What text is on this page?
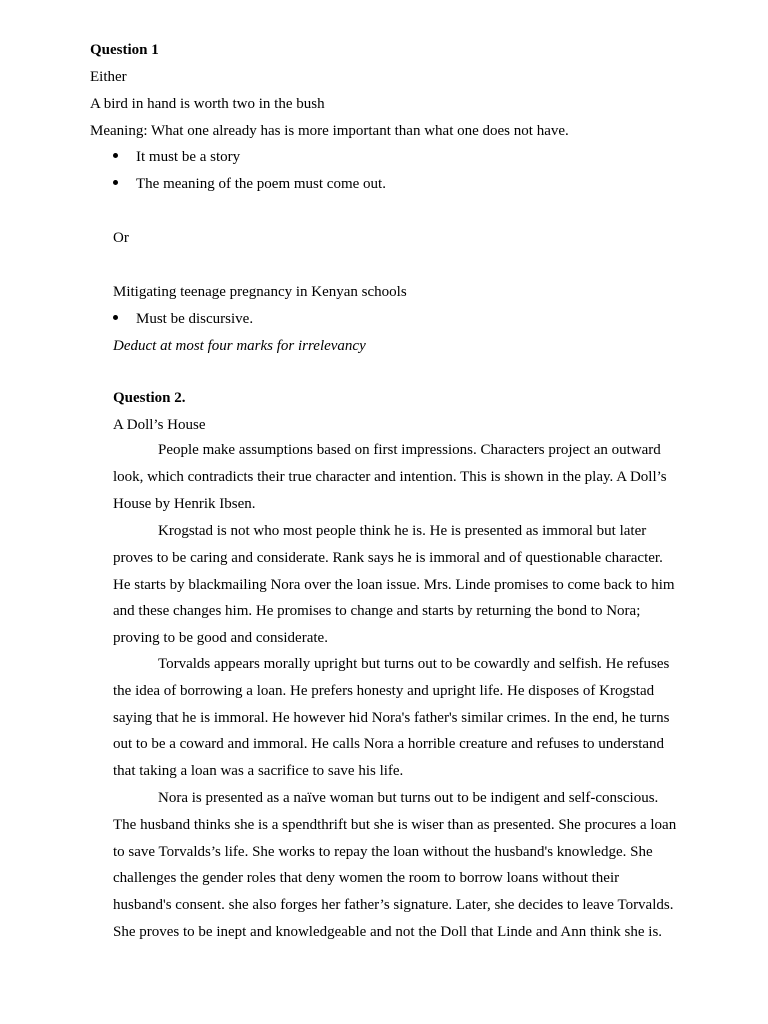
Question 1
Either
A bird in hand is worth two in the bush
Meaning: What one already has is more important than what one does not have.
It must be a story
The meaning of the poem must come out.
Or
Mitigating teenage pregnancy in Kenyan schools
Must be discursive.
Deduct at most four marks for irrelevancy
Question 2.
A Doll’s House
People make assumptions based on first impressions. Characters project an outward look, which contradicts their true character and intention. This is shown in the play. A Doll’s House by Henrik Ibsen.
Krogstad is not who most people think he is. He is presented as immoral but later proves to be caring and considerate. Rank says he is immoral and of questionable character. He starts by blackmailing Nora over the loan issue. Mrs. Linde promises to come back to him and these changes him. He promises to change and starts by returning the bond to Nora; proving to be good and considerate.
Torvalds appears morally upright but turns out to be cowardly and selfish. He refuses the idea of borrowing a loan. He prefers honesty and upright life. He disposes of Krogstad saying that he is immoral. He however hid Nora's father's similar crimes. In the end, he turns out to be a coward and immoral. He calls Nora a horrible creature and refuses to understand that taking a loan was a sacrifice to save his life.
Nora is presented as a naïve woman but turns out to be indigent and self-conscious. The husband thinks she is a spendthrift but she is wiser than as presented. She procures a loan to save Torvalds’s life. She works to repay the loan without the husband's knowledge. She challenges the gender roles that deny women the room to borrow loans without their husband's consent. she also forges her father’s signature. Later, she decides to leave Torvalds. She proves to be inept and knowledgeable and not the Doll that Linde and Ann think she is.
